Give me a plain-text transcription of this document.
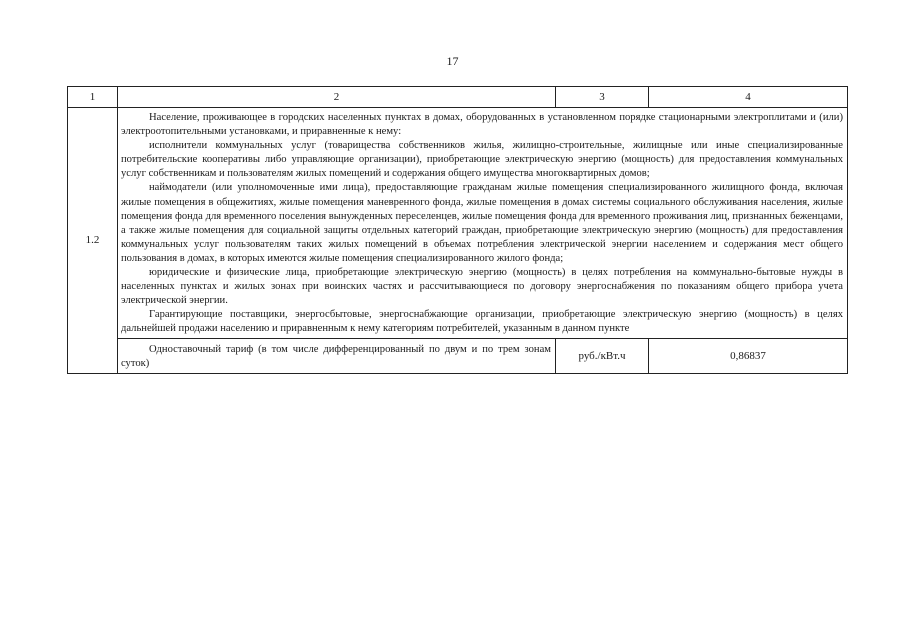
17
1	2	3	4
1.2	Население, проживающее в городских населенных пунктах в домах, оборудованных в установленном порядке стационарными электроплитами и (или) электроотопительными установками, и приравненные к нему:

исполнители коммунальных услуг (товарищества собственников жилья, жилищно-строительные, жилищные или иные специализированные потребительские кооперативы либо управляющие организации), приобретающие электрическую энергию (мощность) для предоставления коммунальных услуг собственникам и пользователям жилых помещений и содержания общего имущества многоквартирных домов;

наймодатели (или уполномоченные ими лица), предоставляющие гражданам жилые помещения специализированного жилищного фонда, включая жилые помещения в общежитиях, жилые помещения маневренного фонда, жилые помещения в домах системы социального обслуживания населения, жилые помещения фонда для временного поселения вынужденных переселенцев, жилые помещения фонда для временного проживания лиц, признанных беженцами, а также жилые помещения для социальной защиты отдельных категорий граждан, приобретающие электрическую энергию (мощность) для предоставления коммунальных услуг пользователям таких жилых помещений в объемах потребления электрической энергии населением и содержания мест общего пользования в домах, в которых имеются жилые помещения специализированного жилого фонда;

юридические и физические лица, приобретающие электрическую энергию (мощность) в целях потребления на коммунально-бытовые нужды в населенных пунктах и жилых зонах при воинских частях и рассчитывающиеся по договору энергоснабжения по показаниям общего прибора учета электрической энергии.

Гарантирующие поставщики, энергосбытовые, энергоснабжающие организации, приобретающие электрическую энергию (мощность) в целях дальнейшей продажи населению и приравненным к нему категориям потребителей, указанным в данном пункте		

	Одноставочный тариф (в том числе дифференцированный по двум и по трем зонам суток)	руб./кВт.ч	0,86837
